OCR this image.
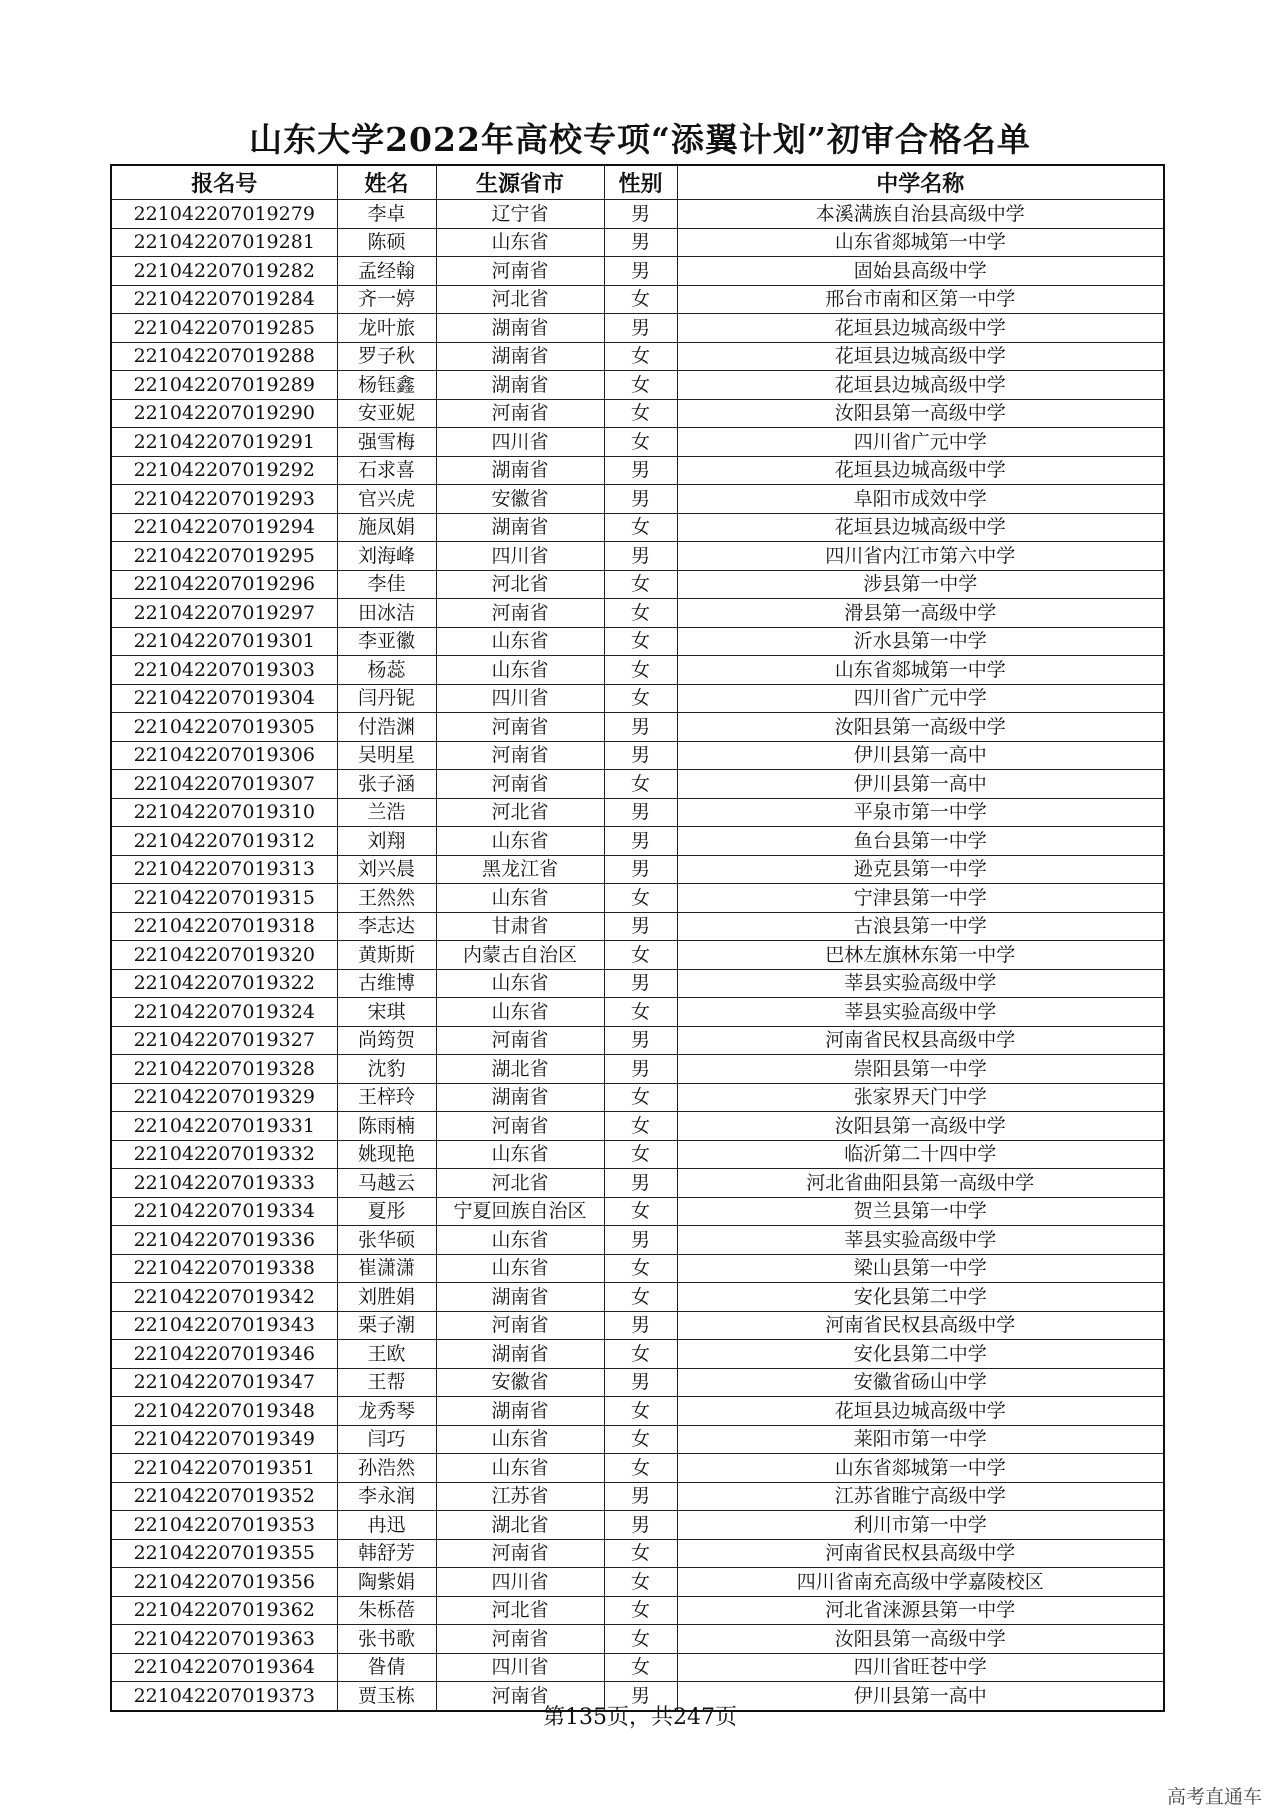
山东大学2022年高校专项“添翼计划”初审合格名单
报名号	姓名	生源省市	性别	中学名称
221042207019279	李卓	辽宁省	男	本溪满族自治县高级中学
221042207019281	陈硕	山东省	男	山东省郯城第一中学
221042207019282	孟经翰	河南省	男	固始县高级中学
221042207019284	齐一婷	河北省	女	邢台市南和区第一中学
221042207019285	龙叶旅	湖南省	男	花垣县边城高级中学
221042207019288	罗子秋	湖南省	女	花垣县边城高级中学
221042207019289	杨钰鑫	湖南省	女	花垣县边城高级中学
221042207019290	安亚妮	河南省	女	汝阳县第一高级中学
221042207019291	强雪梅	四川省	女	四川省广元中学
221042207019292	石求喜	湖南省	男	花垣县边城高级中学
221042207019293	官兴虎	安徽省	男	阜阳市成效中学
221042207019294	施凤娟	湖南省	女	花垣县边城高级中学
221042207019295	刘海峰	四川省	男	四川省内江市第六中学
221042207019296	李佳	河北省	女	涉县第一中学
221042207019297	田冰洁	河南省	女	滑县第一高级中学
221042207019301	李亚徽	山东省	女	沂水县第一中学
221042207019303	杨蕊	山东省	女	山东省郯城第一中学
221042207019304	闫丹铌	四川省	女	四川省广元中学
221042207019305	付浩渊	河南省	男	汝阳县第一高级中学
221042207019306	吴明星	河南省	男	伊川县第一高中
221042207019307	张子涵	河南省	女	伊川县第一高中
221042207019310	兰浩	河北省	男	平泉市第一中学
221042207019312	刘翔	山东省	男	鱼台县第一中学
221042207019313	刘兴晨	黑龙江省	男	逊克县第一中学
221042207019315	王然然	山东省	女	宁津县第一中学
221042207019318	李志达	甘肃省	男	古浪县第一中学
221042207019320	黄斯斯	内蒙古自治区	女	巴林左旗林东第一中学
221042207019322	古维博	山东省	男	莘县实验高级中学
221042207019324	宋琪	山东省	女	莘县实验高级中学
221042207019327	尚筠贺	河南省	男	河南省民权县高级中学
221042207019328	沈豹	湖北省	男	崇阳县第一中学
221042207019329	王梓玲	湖南省	女	张家界天门中学
221042207019331	陈雨楠	河南省	女	汝阳县第一高级中学
221042207019332	姚现艳	山东省	女	临沂第二十四中学
221042207019333	马越云	河北省	男	河北省曲阳县第一高级中学
221042207019334	夏彤	宁夏回族自治区	女	贺兰县第一中学
221042207019336	张华硕	山东省	男	莘县实验高级中学
221042207019338	崔潇潇	山东省	女	梁山县第一中学
221042207019342	刘胜娟	湖南省	女	安化县第二中学
221042207019343	栗子潮	河南省	男	河南省民权县高级中学
221042207019346	王欧	湖南省	女	安化县第二中学
221042207019347	王帮	安徽省	男	安徽省砀山中学
221042207019348	龙秀琴	湖南省	女	花垣县边城高级中学
221042207019349	闫巧	山东省	女	莱阳市第一中学
221042207019351	孙浩然	山东省	女	山东省郯城第一中学
221042207019352	李永润	江苏省	男	江苏省睢宁高级中学
221042207019353	冉迅	湖北省	男	利川市第一中学
221042207019355	韩舒芳	河南省	女	河南省民权县高级中学
221042207019356	陶紫娟	四川省	女	四川省南充高级中学嘉陵校区
221042207019362	朱栎蓓	河北省	女	河北省涞源县第一中学
221042207019363	张书歌	河南省	女	汝阳县第一高级中学
221042207019364	昝倩	四川省	女	四川省旺苍中学
221042207019373	贾玉栋	河南省	男	伊川县第一高中
第135页，共247页
高考直通车
